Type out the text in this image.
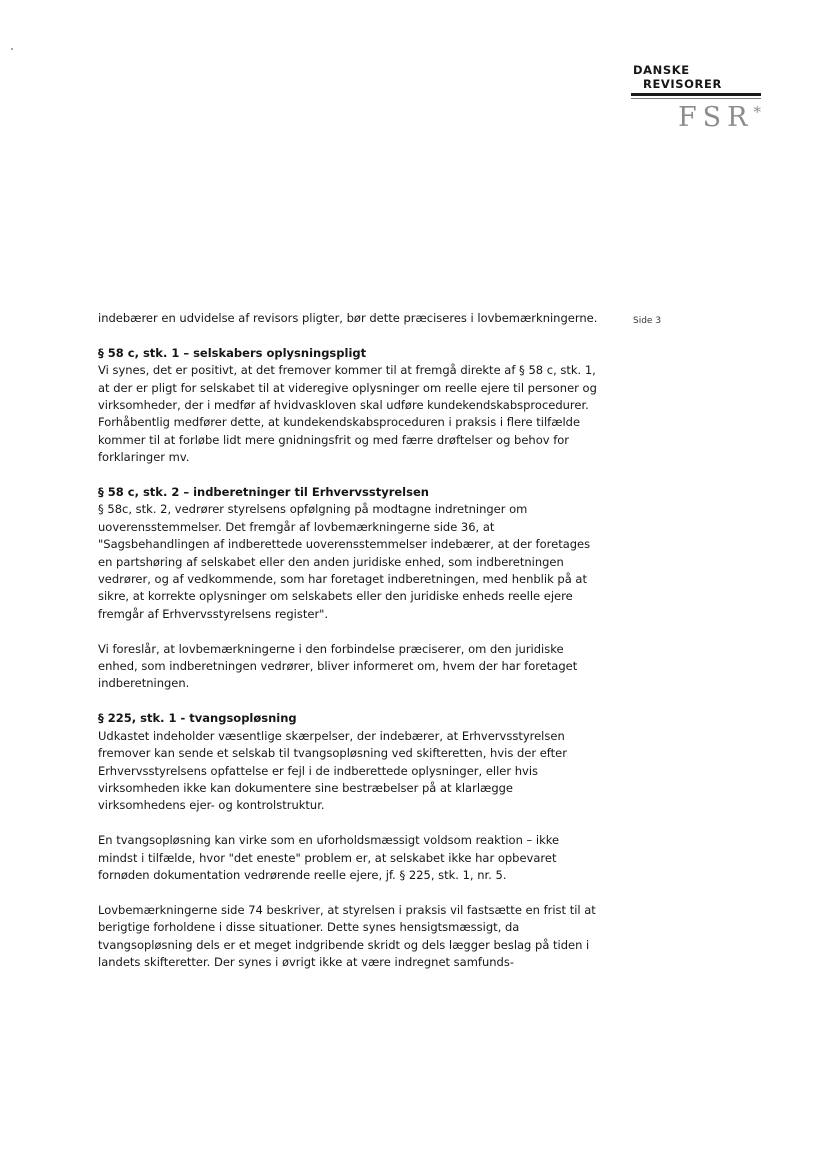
DANSKE
REVISORER
FSR*
Side 3

indebærer en udvidelse af revisors pligter, bør dette præciseres i lovbemærkningerne.

§ 58 c, stk. 1 – selskabers oplysningspligt

Vi synes, det er positivt, at det fremover kommer til at fremgå direkte af § 58 c, stk. 1, at der er pligt for selskabet til at videregive oplysninger om reelle ejere til personer og virksomheder, der i medfør af hvidvaskloven skal udføre kundekendskabsprocedurer. Forhåbentlig medfører dette, at kundekendskabsproceduren i praksis i flere tilfælde kommer til at forløbe lidt mere gnidningsfrit og med færre drøftelser og behov for forklaringer mv.

§ 58 c, stk. 2 – indberetninger til Erhvervsstyrelsen

§ 58c, stk. 2, vedrører styrelsens opfølgning på modtagne indretninger om uoverensstemmelser. Det fremgår af lovbemærkningerne side 36, at "Sagsbehandlingen af indberettede uoverensstemmelser indebærer, at der foretages en partshøring af selskabet eller den anden juridiske enhed, som indberetningen vedrører, og af vedkommende, som har foretaget indberetningen, med henblik på at sikre, at korrekte oplysninger om selskabets eller den juridiske enheds reelle ejere fremgår af Erhvervsstyrelsens register".

Vi foreslår, at lovbemærkningerne i den forbindelse præciserer, om den juridiske enhed, som indberetningen vedrører, bliver informeret om, hvem der har foretaget indberetningen.

§ 225, stk. 1 - tvangsopløsning

Udkastet indeholder væsentlige skærpelser, der indebærer, at Erhvervsstyrelsen fremover kan sende et selskab til tvangsopløsning ved skifteretten, hvis der efter Erhvervsstyrelsens opfattelse er fejl i de indberettede oplysninger, eller hvis virksomheden ikke kan dokumentere sine bestræbelser på at klarlægge virksomhedens ejer- og kontrolstruktur.

En tvangsopløsning kan virke som en uforholdsmæssigt voldsom reaktion – ikke mindst i tilfælde, hvor "det eneste" problem er, at selskabet ikke har opbevaret fornøden dokumentation vedrørende reelle ejere, jf. § 225, stk. 1, nr. 5.

Lovbemærkningerne side 74 beskriver, at styrelsen i praksis vil fastsætte en frist til at berigtige forholdene i disse situationer. Dette synes hensigtsmæssigt, da tvangsopløsning dels er et meget indgribende skridt og dels lægger beslag på tiden i landets skifteretter. Der synes i øvrigt ikke at være indregnet samfunds-
